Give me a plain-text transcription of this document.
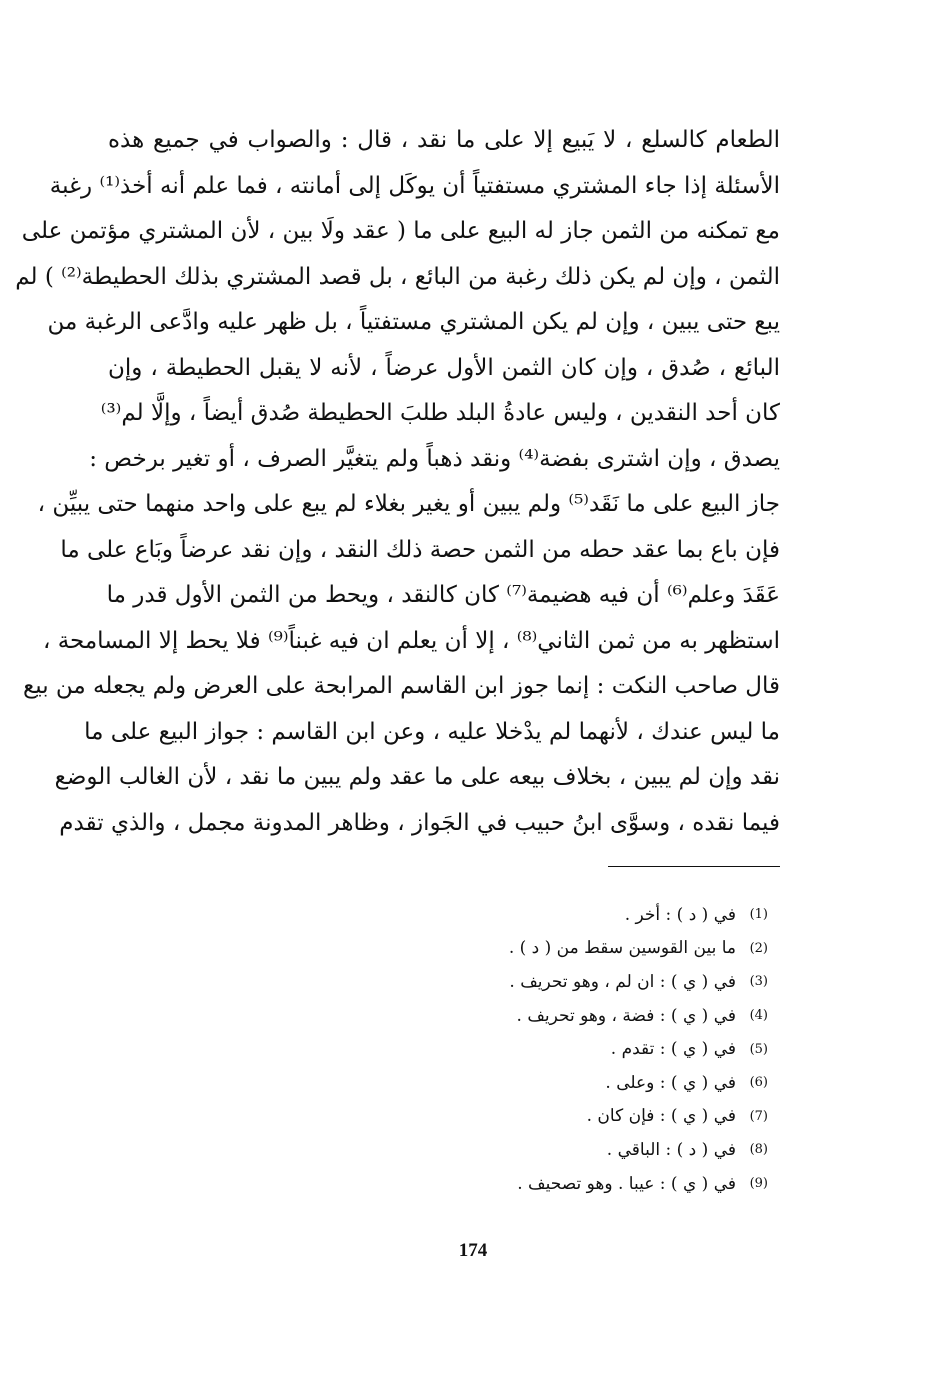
الطعام كالسلع ، لا يَبيع إلا على ما نقد ، قال : والصواب في جميع هذه
الأسئلة إذا جاء المشتري مستفتياً أن يوكَل إلى أمانته ، فما علم أنه أخذ⁽¹⁾ رغبة
مع تمكنه من الثمن جاز له البيع على ما ( عقد ولَا بين ، لأن المشتري مؤتمن على
الثمن ، وإن لم يكن ذلك رغبة من البائع ، بل قصد المشتري بذلك الحطيطة⁽²⁾ ) لم
يبع حتى يبين ، وإن لم يكن المشتري مستفتياً ، بل ظهر عليه وادَّعى الرغبة من
البائع ، صُدق ، وإن كان الثمن الأول عرضاً ، لأنه لا يقبل الحطيطة ، وإن
كان أحد النقدين ، وليس عادةُ البلد طلبَ الحطيطة صُدق أيضاً ، وإلَّا لم⁽³⁾
يصدق ، وإن اشترى بفضة⁽⁴⁾ ونقد ذهباً ولم يتغيَّر الصرف ، أو تغير برخص :
جاز البيع على ما نَقَد⁽⁵⁾ ولم يبين أو يغير بغلاء لم يبع على واحد منهما حتى يبيِّن ،
فإن باع بما عقد حطه من الثمن حصة ذلك النقد ، وإن نقد عرضاً وبَاع على ما
عَقَدَ وعلم⁽⁶⁾ أن فيه هضيمة⁽⁷⁾ كان كالنقد ، ويحط من الثمن الأول قدر ما
استظهر به من ثمن الثاني⁽⁸⁾ ، إلا أن يعلم ان فيه غبناً⁽⁹⁾ فلا يحط إلا المسامحة ،
قال صاحب النكت : إنما جوز ابن القاسم المرابحة على العرض ولم يجعله من بيع
ما ليس عندك ، لأنهما لم يدْخلا عليه ، وعن ابن القاسم : جواز البيع على ما
نقد وإن لم يبين ، بخلاف بيعه على ما عقد ولم يبين ما نقد ، لأن الغالب الوضع
فيما نقده ، وسوَّى ابنُ حبيب في الجَواز ، وظاهر المدونة مجمل ، والذي تقدم
(1)
في ( د ) : أخر .
(2)
ما بين القوسين سقط من ( د ) .
(3)
في ( ي ) : ان لم ، وهو تحريف .
(4)
في ( ي ) : فضة ، وهو تحريف .
(5)
في ( ي ) : تقدم .
(6)
في ( ي ) : وعلى .
(7)
في ( ي ) : فإن كان .
(8)
في ( د ) : الباقي .
(9)
في ( ي ) : عيبا . وهو تصحيف .
174
